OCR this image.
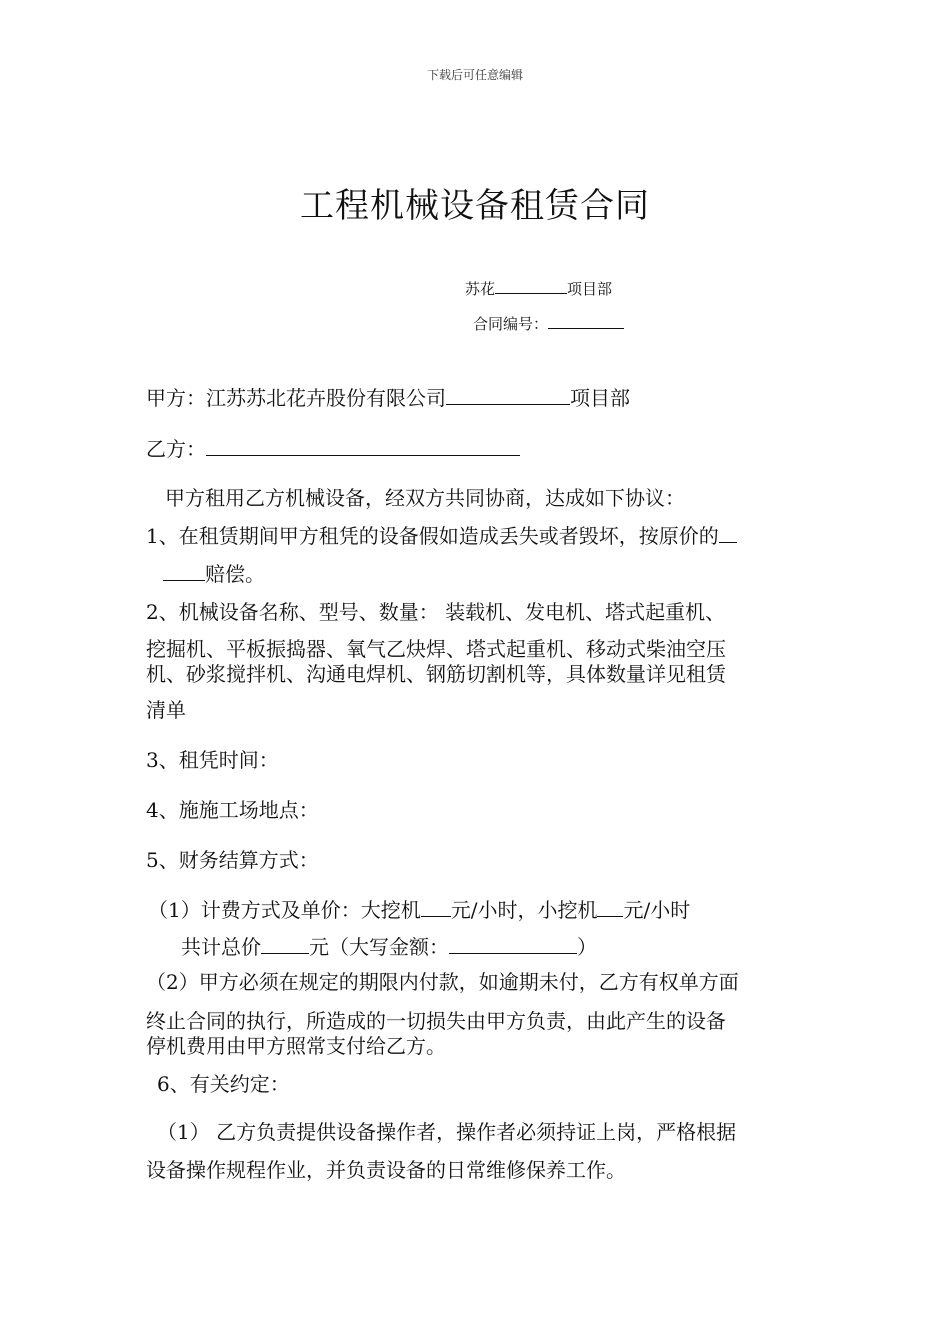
下载后可任意编辑
工程机械设备租赁合同
苏花	项目部
合同编号：
甲方：江苏苏北花卉股份有限公司	项目部
乙方：
甲方租用乙方机械设备，经双方共同协商，达成如下协议：
1、在租赁期间甲方租凭的设备假如造成丢失或者毁坏，按原价的
赔偿。
2、机械设备名称、型号、数量： 装载机、发电机、塔式起重机、
挖掘机、平板振捣器、氧气乙炔焊、塔式起重机、移动式柴油空压
机、砂浆搅拌机、沟通电焊机、钢筋切割机等，具体数量详见租赁
清单
3、租凭时间：
4、施施工场地点：
5、财务结算方式：
（1）计费方式及单价：大挖机 元/小时，小挖机 元/小时
共计总价 元（大写金额：	）
（2）甲方必须在规定的期限内付款，如逾期未付，乙方有权单方面
终止合同的执行，所造成的一切损失由甲方负责，由此产生的设备
停机费用由甲方照常支付给乙方。
6、有关约定：
（1） 乙方负责提供设备操作者，操作者必须持证上岗，严格根据
设备操作规程作业，并负责设备的日常维修保养工作。
